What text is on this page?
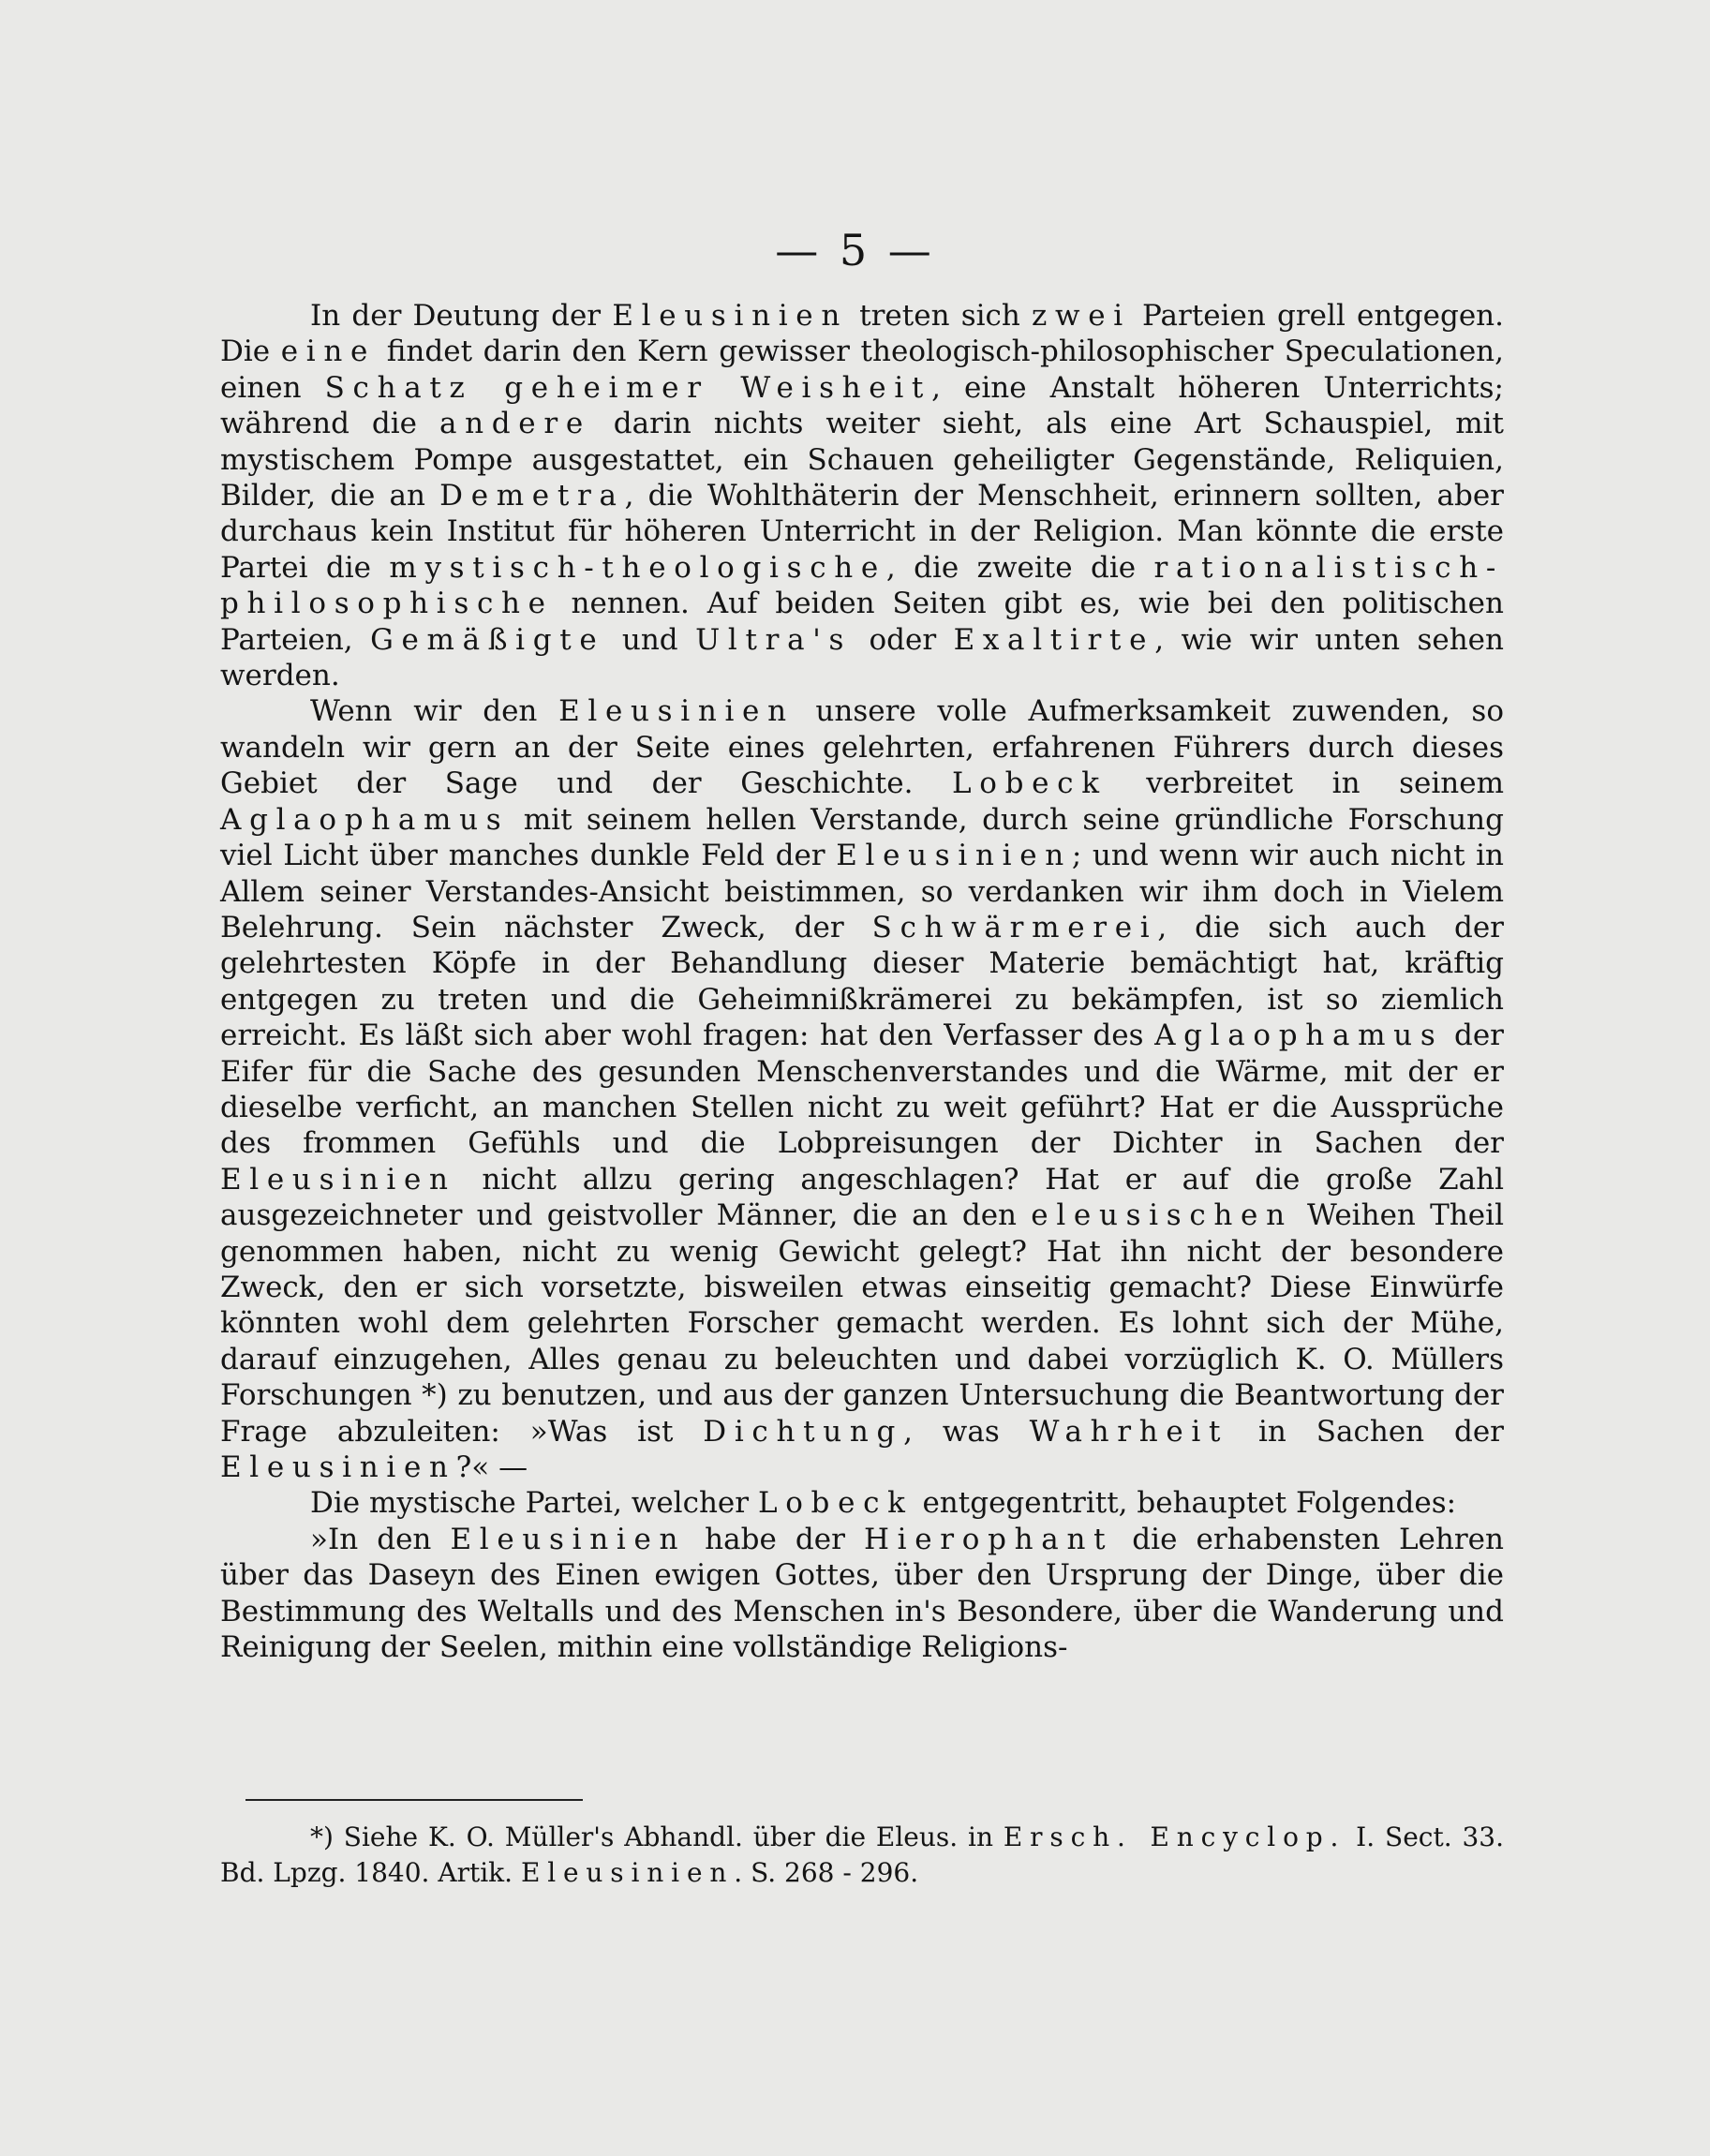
— 5 —

In der Deutung der Eleusinien treten sich zwei Parteien grell entgegen. Die eine findet darin den Kern gewisser theologisch-philosophischer Speculationen, einen Schatz geheimer Weisheit, eine Anstalt höheren Unterrichts; während die andere darin nichts weiter sieht, als eine Art Schauspiel, mit mystischem Pompe ausgestattet, ein Schauen geheiligter Gegenstände, Reliquien, Bilder, die an Demetra, die Wohlthäterin der Menschheit, erinnern sollten, aber durchaus kein Institut für höheren Unterricht in der Religion. Man könnte die erste Partei die mystisch-theologische, die zweite die rationalistisch-philosophische nennen. Auf beiden Seiten gibt es, wie bei den politischen Parteien, Gemäßigte und Ultra's oder Exaltirte, wie wir unten sehen werden.

Wenn wir den Eleusinien unsere volle Aufmerksamkeit zuwenden, so wandeln wir gern an der Seite eines gelehrten, erfahrenen Führers durch dieses Gebiet der Sage und der Geschichte. Lobeck verbreitet in seinem Aglaophamus mit seinem hellen Verstande, durch seine gründliche Forschung viel Licht über manches dunkle Feld der Eleusinien; und wenn wir auch nicht in Allem seiner Verstandes-Ansicht beistimmen, so verdanken wir ihm doch in Vielem Belehrung. Sein nächster Zweck, der Schwärmerei, die sich auch der gelehrtesten Köpfe in der Behandlung dieser Materie bemächtigt hat, kräftig entgegen zu treten und die Geheimnißkrämerei zu bekämpfen, ist so ziemlich erreicht. Es läßt sich aber wohl fragen: hat den Verfasser des Aglaophamus der Eifer für die Sache des gesunden Menschenverstandes und die Wärme, mit der er dieselbe verficht, an manchen Stellen nicht zu weit geführt? Hat er die Aussprüche des frommen Gefühls und die Lobpreisungen der Dichter in Sachen der Eleusinien nicht allzu gering angeschlagen? Hat er auf die große Zahl ausgezeichneter und geistvoller Männer, die an den eleusischen Weihen Theil genommen haben, nicht zu wenig Gewicht gelegt? Hat ihn nicht der besondere Zweck, den er sich vorsetzte, bisweilen etwas einseitig gemacht? Diese Einwürfe könnten wohl dem gelehrten Forscher gemacht werden. Es lohnt sich der Mühe, darauf einzugehen, Alles genau zu beleuchten und dabei vorzüglich K. O. Müllers Forschungen *) zu benutzen, und aus der ganzen Untersuchung die Beantwortung der Frage abzuleiten: »Was ist Dichtung, was Wahrheit in Sachen der Eleusinien?« —

Die mystische Partei, welcher Lobeck entgegentritt, behauptet Folgendes:

»In den Eleusinien habe der Hierophant die erhabensten Lehren über das Daseyn des Einen ewigen Gottes, über den Ursprung der Dinge, über die Bestimmung des Weltalls und des Menschen in's Besondere, über die Wanderung und Reinigung der Seelen, mithin eine vollständige Religions-

*) Siehe K. O. Müller's Abhandl. über die Eleus. in Ersch. Encyclop. I. Sect. 33. Bd. Lpzg. 1840. Artik. Eleusinien. S. 268 - 296.
